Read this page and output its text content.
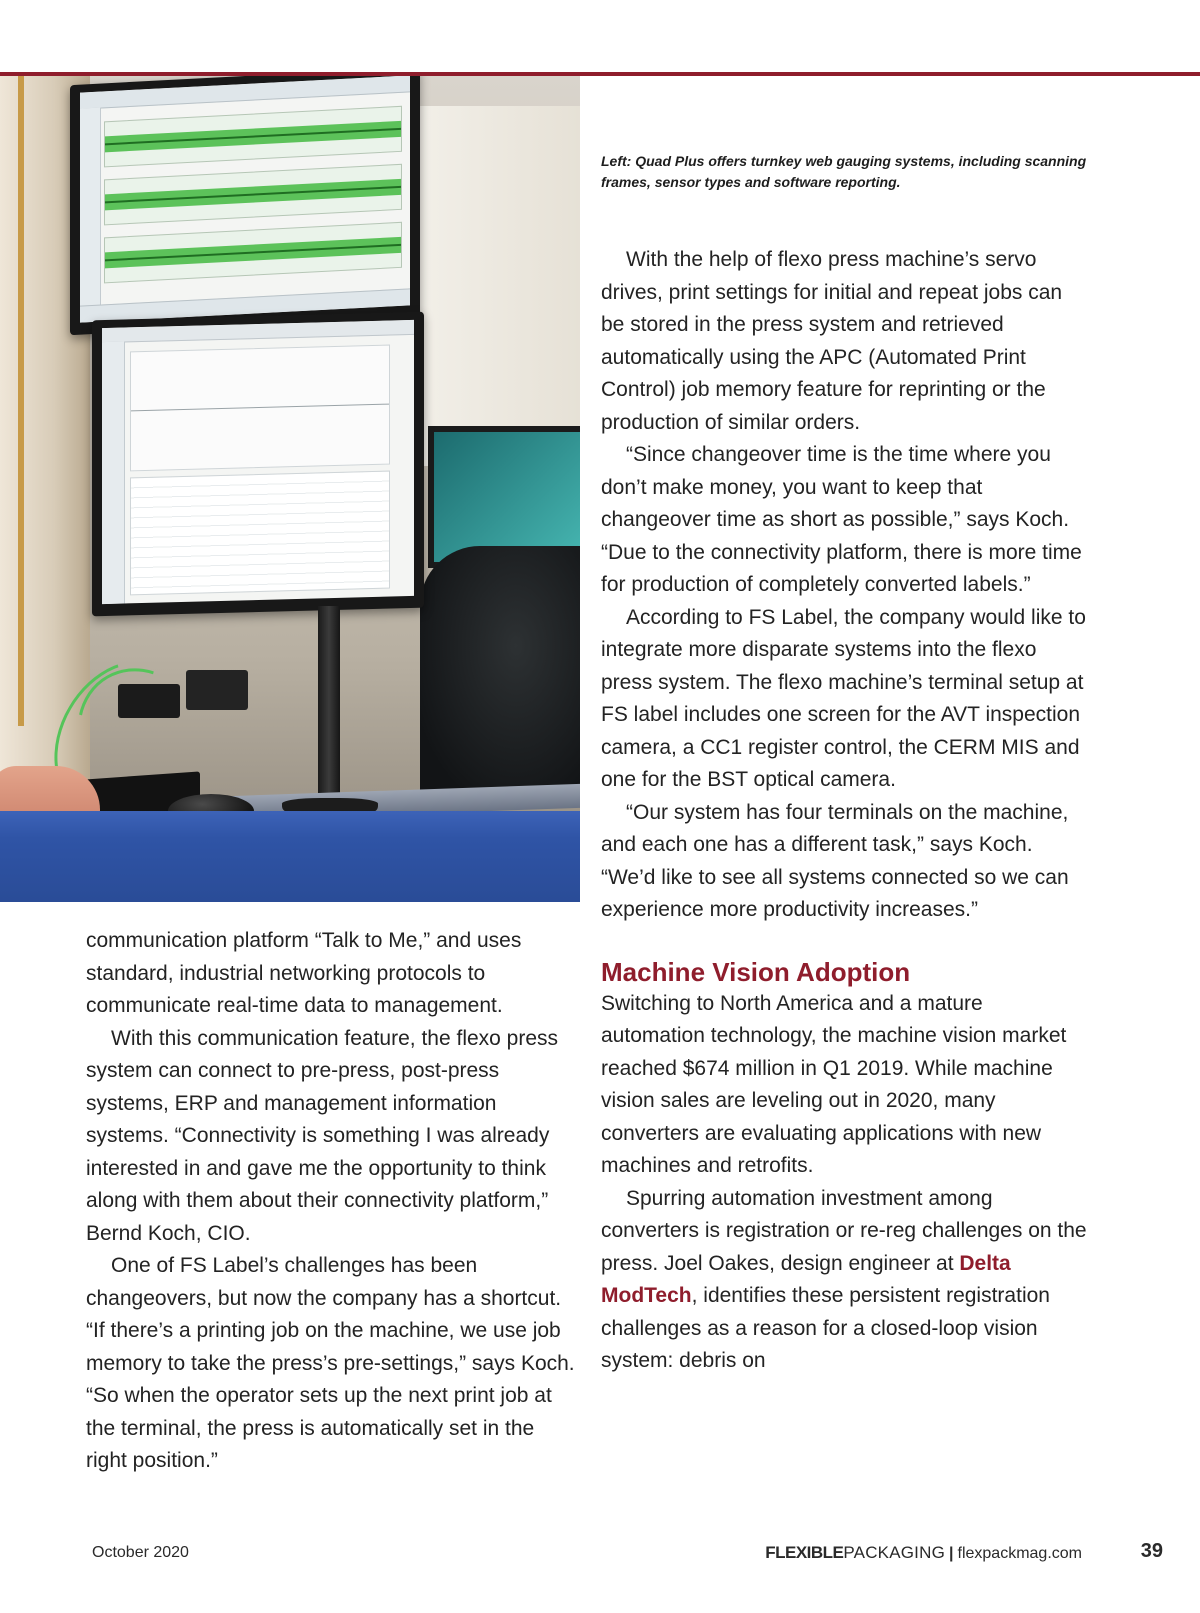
Left: Quad Plus offers turnkey web gauging systems, including scanning frames, sensor types and software reporting.

communication platform “Talk to Me,” and uses standard, industrial networking protocols to communicate real-time data to management.

With this communication feature, the flexo press system can connect to pre-press, post-press systems, ERP and management information systems. “Connectivity is something I was already interested in and gave me the opportunity to think along with them about their connectivity platform,” Bernd Koch, CIO.

One of FS Label’s challenges has been changeovers, but now the company has a shortcut. “If there’s a printing job on the machine, we use job memory to take the press’s pre-settings,” says Koch. “So when the operator sets up the next print job at the terminal, the press is automatically set in the right position.”

With the help of flexo press machine’s servo drives, print settings for initial and repeat jobs can be stored in the press system and retrieved automatically using the APC (Automated Print Control) job memory feature for reprinting or the production of similar orders.

“Since changeover time is the time where you don’t make money, you want to keep that changeover time as short as possible,” says Koch. “Due to the connectivity platform, there is more time for production of completely converted labels.”

According to FS Label, the company would like to integrate more disparate systems into the flexo press system. The flexo machine’s terminal setup at FS label includes one screen for the AVT inspection camera, a CC1 register control, the CERM MIS and one for the BST optical camera.

“Our system has four terminals on the machine, and each one has a different task,” says Koch. “We’d like to see all systems connected so we can experience more productivity increases.”

Machine Vision Adoption

Switching to North America and a mature automation technology, the machine vision market reached $674 million in Q1 2019. While machine vision sales are leveling out in 2020, many converters are evaluating applications with new machines and retrofits.

Spurring automation investment among converters is registration or re-reg challenges on the press. Joel Oakes, design engineer at Delta ModTech, identifies these persistent registration challenges as a reason for a closed-loop vision system: debris on

October 2020	FLEXIBLEPACKAGING | flexpackmag.com	39
